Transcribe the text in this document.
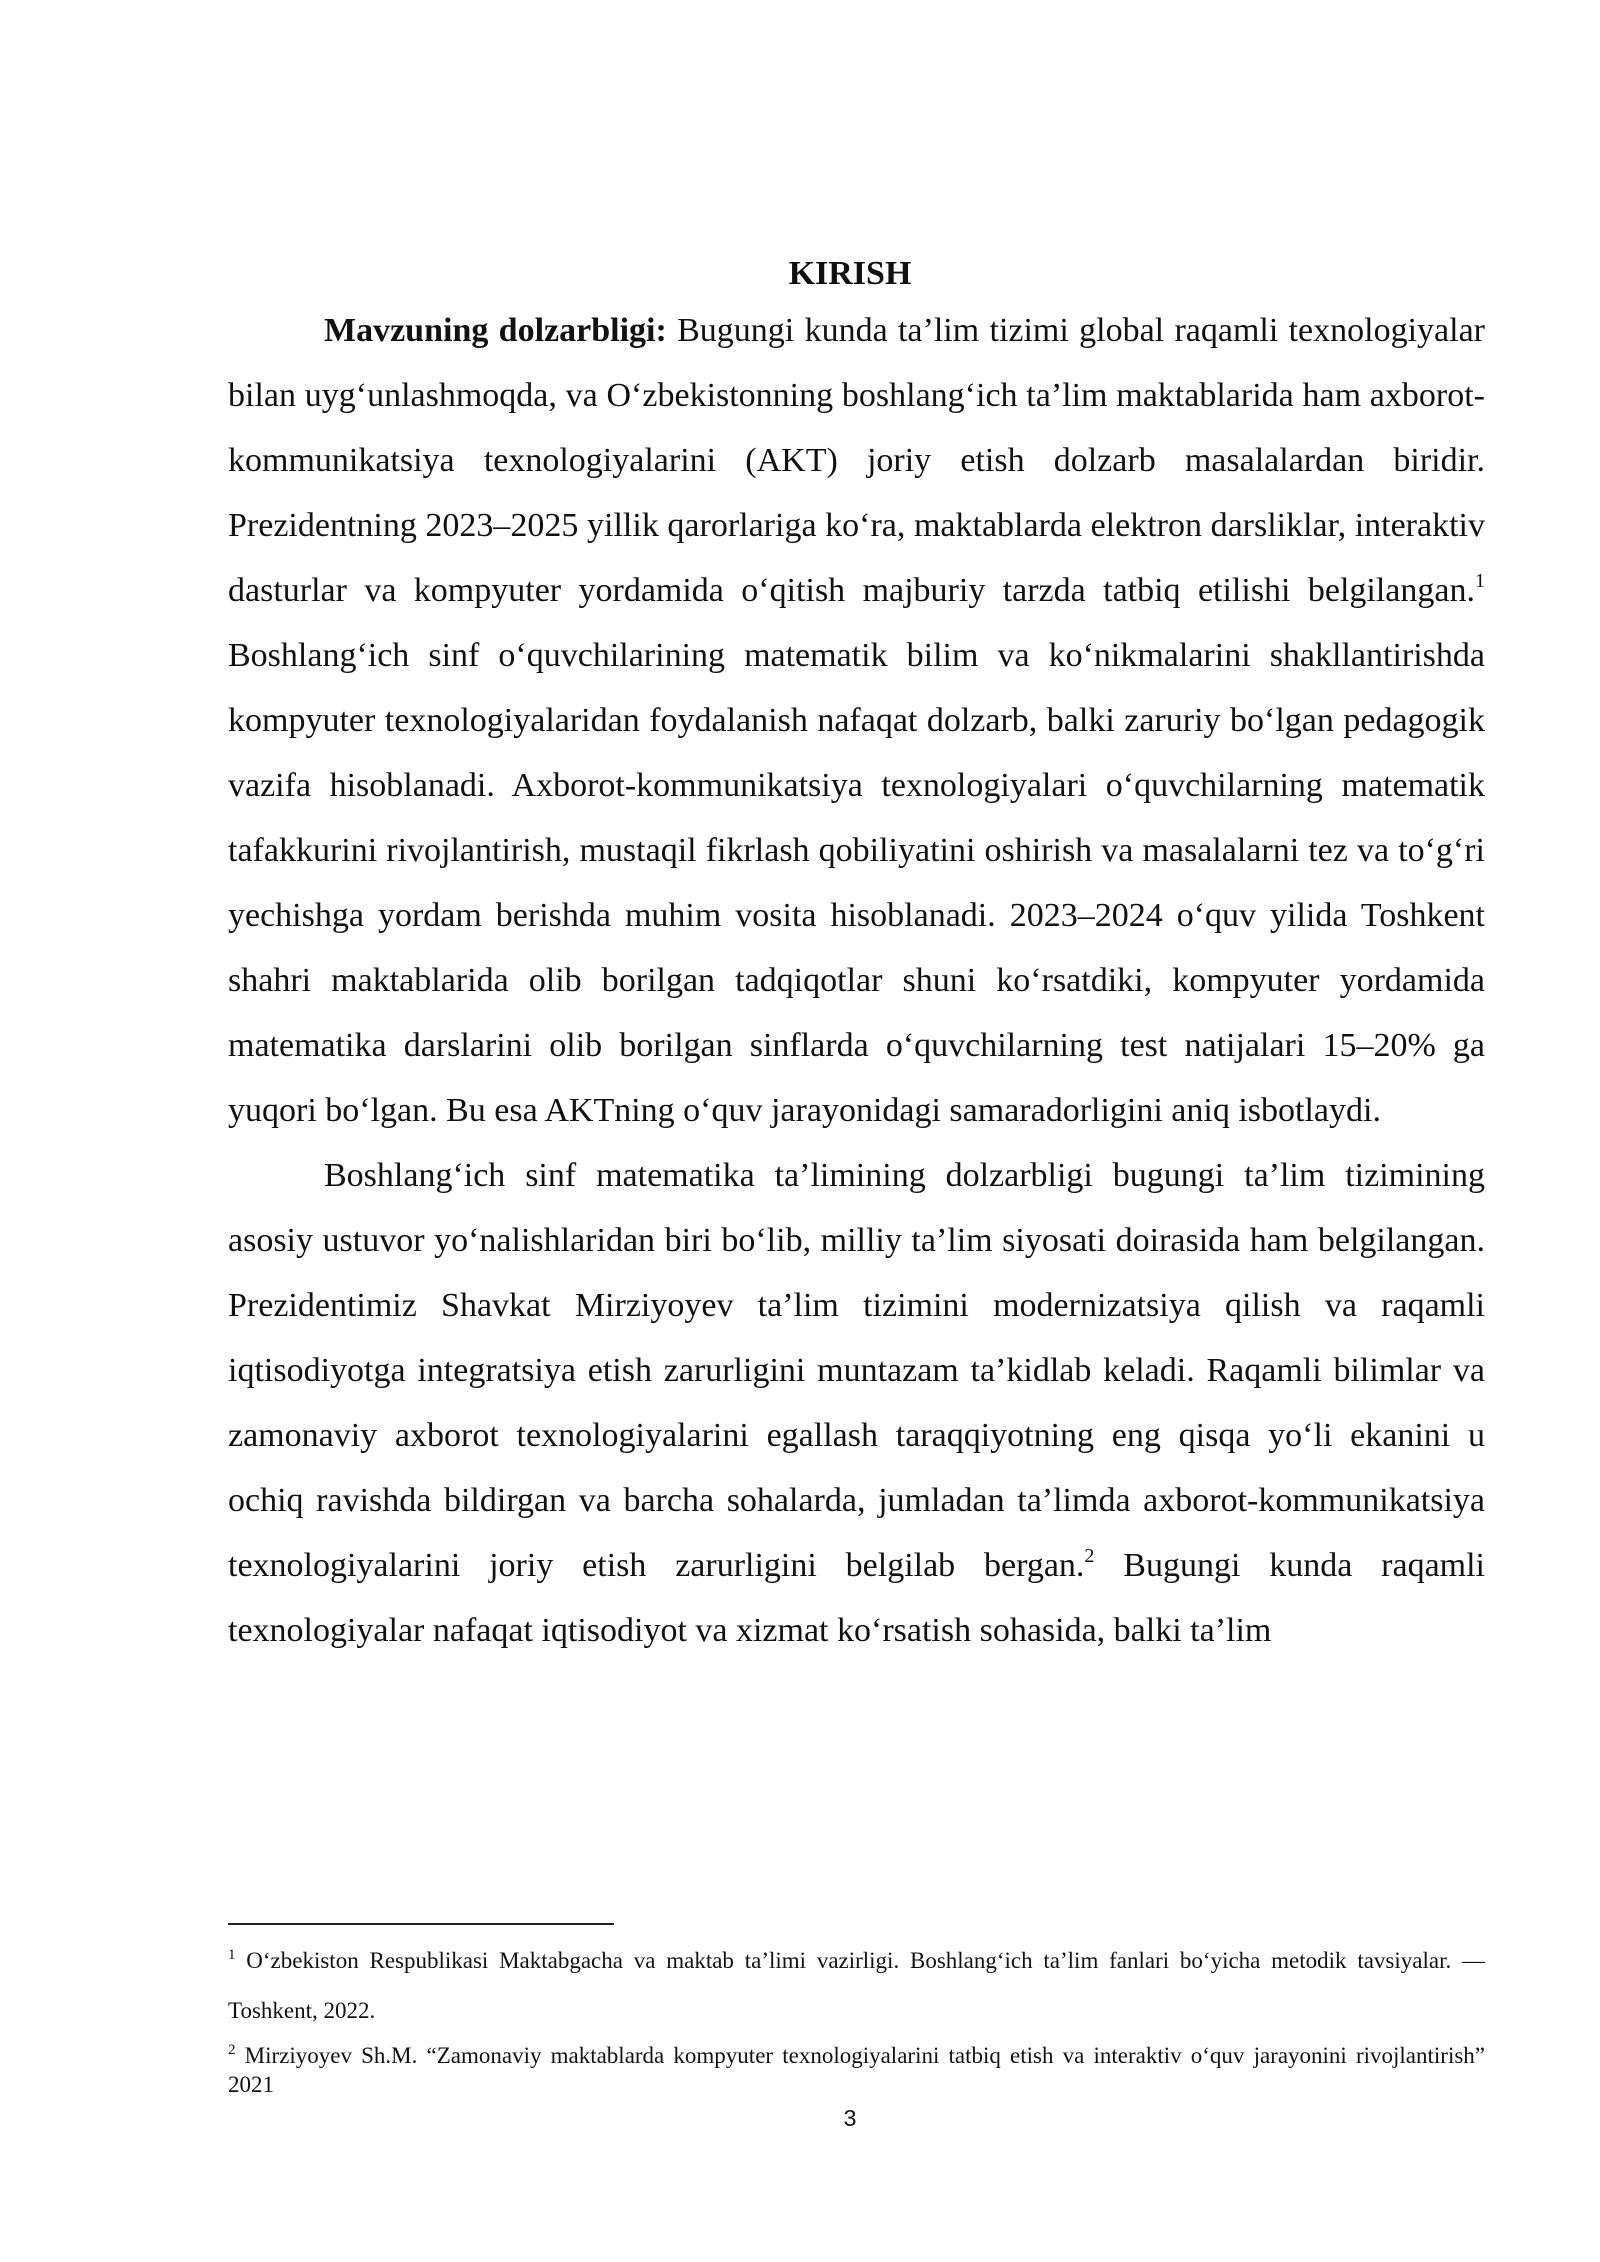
KIRISH

Mavzuning dolzarbligi: Bugungi kunda ta’lim tizimi global raqamli texnologiyalar bilan uyg‘unlashmoqda, va O‘zbekistonning boshlang‘ich ta’lim maktablarida ham axborot-kommunikatsiya texnologiyalarini (AKT) joriy etish dolzarb masalalardan biridir. Prezidentning 2023–2025 yillik qarorlariga ko‘ra, maktablarda elektron darsliklar, interaktiv dasturlar va kompyuter yordamida o‘qitish majburiy tarzda tatbiq etilishi belgilangan.$^1$ Boshlang‘ich sinf o‘quvchilarining matematik bilim va ko‘nikmalarini shakllantirishda kompyuter texnologiyalaridan foydalanish nafaqat dolzarb, balki zaruriy bo‘lgan pedagogik vazifa hisoblanadi. Axborot-kommunikatsiya texnologiyalari o‘quvchilarning matematik tafakkurini rivojlantirish, mustaqil fikrlash qobiliyatini oshirish va masalalarni tez va to‘g‘ri yechishga yordam berishda muhim vosita hisoblanadi. 2023–2024 o‘quv yilida Toshkent shahri maktablarida olib borilgan tadqiqotlar shuni ko‘rsatdiki, kompyuter yordamida matematika darslarini olib borilgan sinflarda o‘quvchilarning test natijalari 15–20% ga yuqori bo‘lgan. Bu esa AKTning o‘quv jarayonidagi samaradorligini aniq isbotlaydi.

Boshlang‘ich sinf matematika ta’limining dolzarbligi bugungi ta’lim tizimining asosiy ustuvor yo‘nalishlaridan biri bo‘lib, milliy ta’lim siyosati doirasida ham belgilangan. Prezidentimiz Shavkat Mirziyoyev ta’lim tizimini modernizatsiya qilish va raqamli iqtisodiyotga integratsiya etish zarurligini muntazam ta’kidlab keladi. Raqamli bilimlar va zamonaviy axborot texnologiyalarini egallash taraqqiyotning eng qisqa yo‘li ekanini u ochiq ravishda bildirgan va barcha sohalarda, jumladan ta’limda axborot-kommunikatsiya texnologiyalarini joriy etish zarurligini belgilab bergan.$^2$ Bugungi kunda raqamli texnologiyalar nafaqat iqtisodiyot va xizmat ko‘rsatish sohasida, balki ta’lim

$^1$ O‘zbekiston Respublikasi Maktabgacha va maktab ta’limi vazirligi. Boshlang‘ich ta’lim fanlari bo‘yicha metodik tavsiyalar. — Toshkent, 2022.

$^2$ Mirziyoyev Sh.M. “Zamonaviy maktablarda kompyuter texnologiyalarini tatbiq etish va interaktiv o‘quv jarayonini rivojlantirish” 2021

3
